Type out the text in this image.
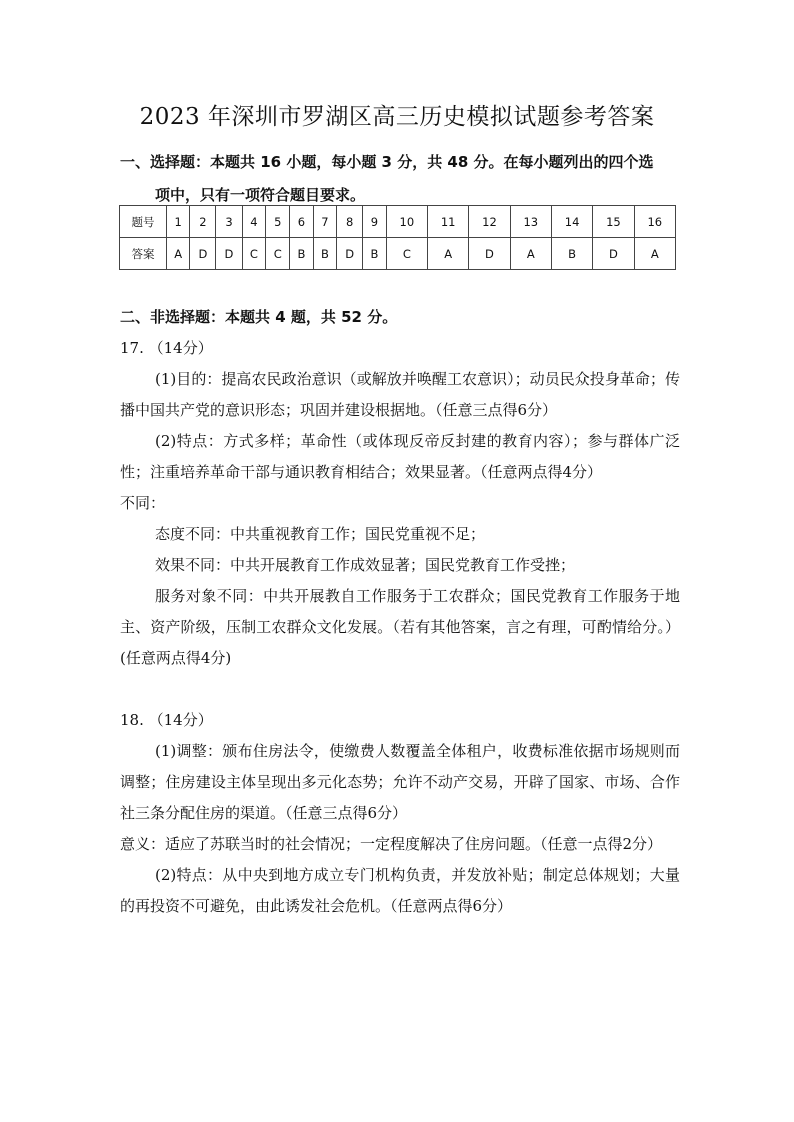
2023 年深圳市罗湖区高三历史模拟试题参考答案
一、选择题：本题共 16 小题，每小题 3 分，共 48 分。在每小题列出的四个选
项中，只有一项符合题目要求。
题号	1	2	3	4	5	6	7	8	9	10	11	12	13	14	15	16
答案	A	D	D	C	C	B	B	D	B	C	A	D	A	B	D	A
二、非选择题：本题共 4 题，共 52 分。
17. （14分）
(1)目的：提高农民政治意识（或解放并唤醒工农意识）；动员民众投身革命；传播中国共产党的意识形态；巩固并建设根据地。（任意三点得6分）
(2)特点：方式多样；革命性（或体现反帝反封建的教育内容）；参与群体广泛性；注重培养革命干部与通识教育相结合；效果显著。（任意两点得4分）
不同：
态度不同：中共重视教育工作；国民党重视不足；
效果不同：中共开展教育工作成效显著；国民党教育工作受挫；
服务对象不同：中共开展教自工作服务于工农群众；国民党教育工作服务于地主、资产阶级，压制工农群众文化发展。（若有其他答案，言之有理，可酌情给分。）(任意两点得4分)
18. （14分）
(1)调整：颁布住房法令，使缴费人数覆盖全体租户，收费标准依据市场规则而调整；住房建设主体呈现出多元化态势；允许不动产交易，开辟了国家、市场、合作社三条分配住房的渠道。（任意三点得6分）
意义：适应了苏联当时的社会情况；一定程度解决了住房问题。（任意一点得2分）
(2)特点：从中央到地方成立专门机构负责，并发放补贴；制定总体规划；大量的再投资不可避免，由此诱发社会危机。（任意两点得6分）
